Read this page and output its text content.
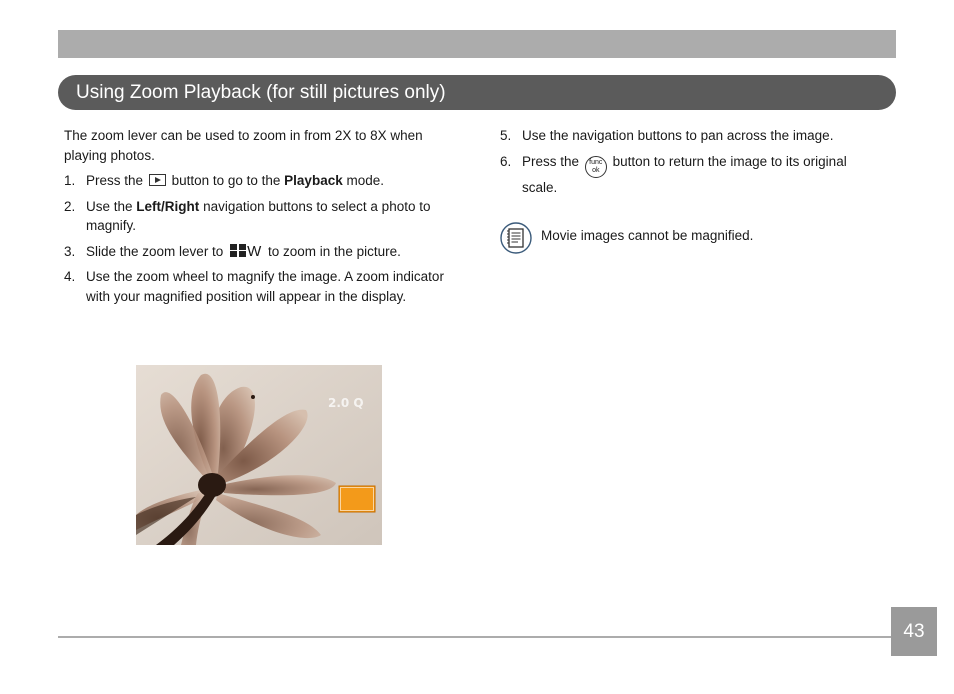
Using Zoom Playback (for still pictures only)

The zoom lever can be used to zoom in from 2X to 8X when playing photos.

1. Press the button to go to the Playback mode.
2. Use the Left/Right navigation buttons to select a photo to magnify.
3. Slide the zoom lever to W to zoom in the picture.
4. Use the zoom wheel to magnify the image. A zoom indicator with your magnified position will appear in the display.
5. Use the navigation buttons to pan across the image.
6. Press the func
ok button to return the image to its original scale.
Movie images cannot be magnified.
2.0 Q
43
